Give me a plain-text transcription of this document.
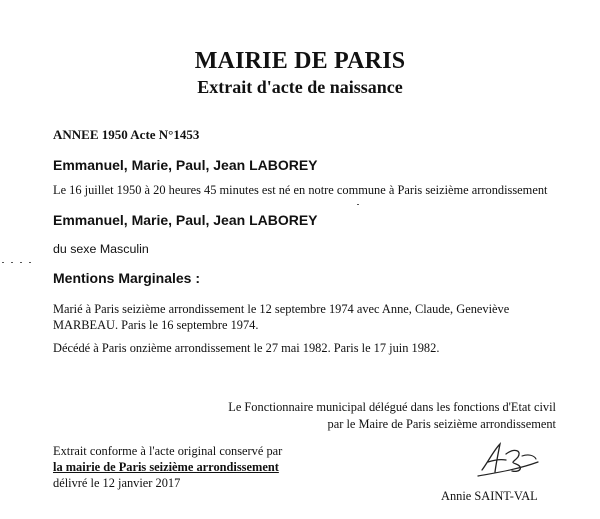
MAIRIE DE PARIS
Extrait d'acte de naissance
ANNEE 1950 Acte N°1453
Emmanuel, Marie, Paul, Jean LABOREY
Le 16 juillet 1950 à 20 heures 45 minutes est né en notre commune à Paris seizième arrondissement
Emmanuel, Marie, Paul, Jean LABOREY
du sexe Masculin
Mentions Marginales :
Marié à Paris seizième arrondissement le 12 septembre 1974 avec Anne, Claude, Geneviève
MARBEAU. Paris le 16 septembre 1974.
Décédé à Paris onzième arrondissement le 27 mai 1982. Paris le 17 juin 1982.
Le Fonctionnaire municipal délégué dans les fonctions d'Etat civil
par le Maire de Paris seizième arrondissement
Extrait conforme à l'acte original conservé par
la mairie de Paris seizième arrondissement
délivré le 12 janvier 2017
Annie SAINT-VAL
